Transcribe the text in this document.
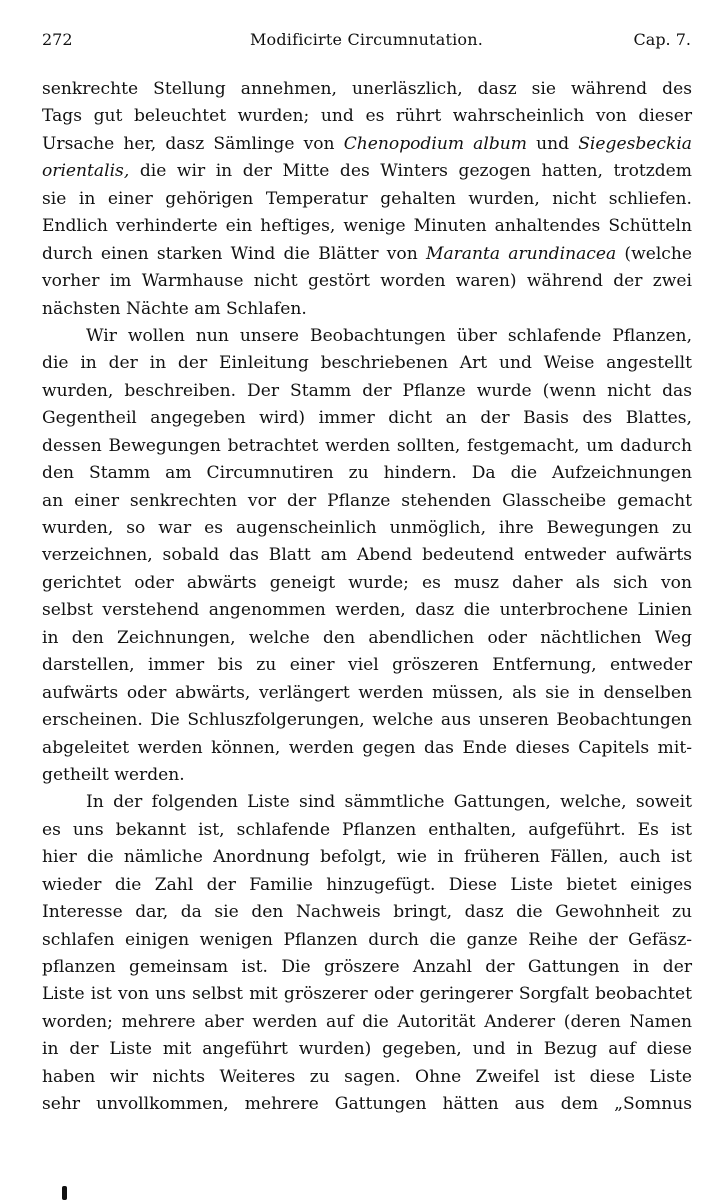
272	Modificirte Circumnutation.	Cap. 7.
senkrechte Stellung annehmen, unerläszlich, dasz sie während des
Tags gut beleuchtet wurden; und es rührt wahrscheinlich von dieser
Ursache her, dasz Sämlinge von Chenopodium album und Siegesbeckia
orientalis, die wir in der Mitte des Winters gezogen hatten, trotzdem
sie in einer gehörigen Temperatur gehalten wurden, nicht schliefen.
Endlich verhinderte ein heftiges, wenige Minuten anhaltendes Schütteln
durch einen starken Wind die Blätter von Maranta arundinacea (welche
vorher im Warmhause nicht gestört worden waren) während der zwei
nächsten Nächte am Schlafen.
Wir wollen nun unsere Beobachtungen über schlafende Pflanzen,
die in der in der Einleitung beschriebenen Art und Weise angestellt
wurden, beschreiben. Der Stamm der Pflanze wurde (wenn nicht das
Gegentheil angegeben wird) immer dicht an der Basis des Blattes,
dessen Bewegungen betrachtet werden sollten, festgemacht, um dadurch
den Stamm am Circumnutiren zu hindern. Da die Aufzeichnungen
an einer senkrechten vor der Pflanze stehenden Glasscheibe gemacht
wurden, so war es augenscheinlich unmöglich, ihre Bewegungen zu
verzeichnen, sobald das Blatt am Abend bedeutend entweder aufwärts
gerichtet oder abwärts geneigt wurde; es musz daher als sich von
selbst verstehend angenommen werden, dasz die unterbrochene Linien
in den Zeichnungen, welche den abendlichen oder nächtlichen Weg
darstellen, immer bis zu einer viel gröszeren Entfernung, entweder
aufwärts oder abwärts, verlängert werden müssen, als sie in denselben
erscheinen. Die Schluszfolgerungen, welche aus unseren Beobachtungen
abgeleitet werden können, werden gegen das Ende dieses Capitels mit-
getheilt werden.
In der folgenden Liste sind sämmtliche Gattungen, welche, soweit
es uns bekannt ist, schlafende Pflanzen enthalten, aufgeführt. Es ist
hier die nämliche Anordnung befolgt, wie in früheren Fällen, auch ist
wieder die Zahl der Familie hinzugefügt. Diese Liste bietet einiges
Interesse dar, da sie den Nachweis bringt, dasz die Gewohnheit zu
schlafen einigen wenigen Pflanzen durch die ganze Reihe der Gefäsz-
pflanzen gemeinsam ist. Die gröszere Anzahl der Gattungen in der
Liste ist von uns selbst mit gröszerer oder geringerer Sorgfalt beobachtet
worden; mehrere aber werden auf die Autorität Anderer (deren Namen
in der Liste mit angeführt wurden) gegeben, und in Bezug auf diese
haben wir nichts Weiteres zu sagen. Ohne Zweifel ist diese Liste
sehr unvollkommen, mehrere Gattungen hätten aus dem „Somnus
